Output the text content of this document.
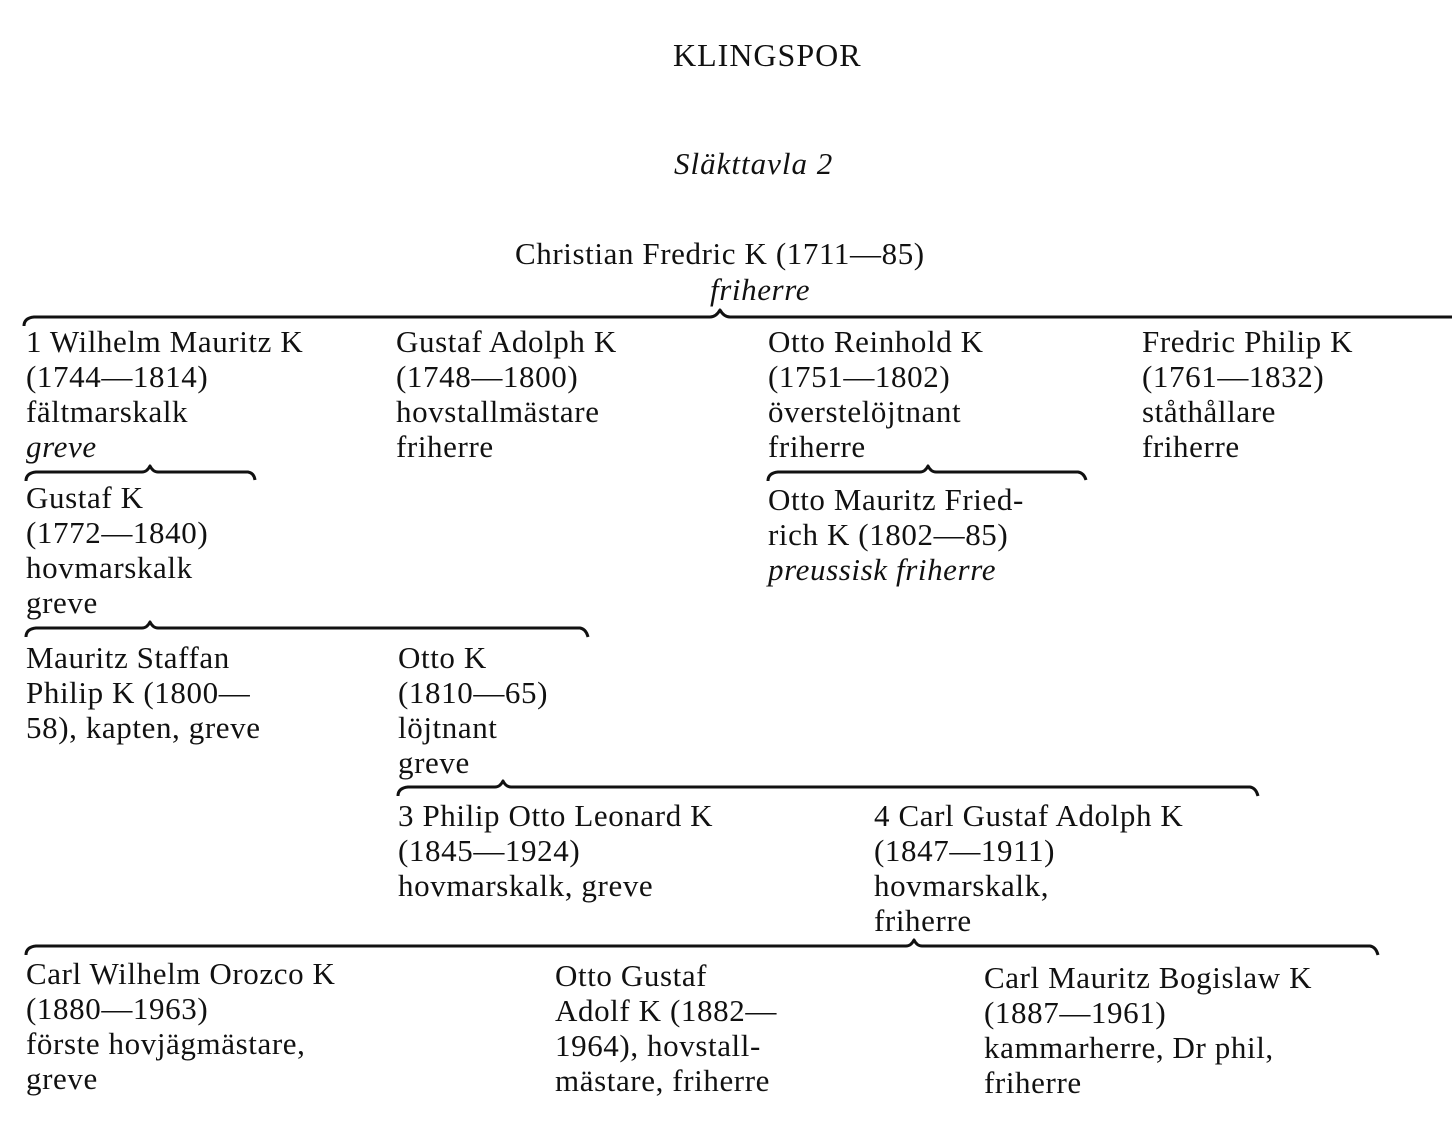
KLINGSPOR
Släkttavla 2
Christian Fredric K (1711—85)
friherre
1 Wilhelm Mauritz K
(1744—1814)
fältmarskalk
greve
Gustaf Adolph K
(1748—1800)
hovstallmästare
friherre
Otto Reinhold K
(1751—1802)
överstelöjtnant
friherre
Fredric Philip K
(1761—1832)
ståthållare
friherre
Gustaf K
(1772—1840)
hovmarskalk
greve
Otto Mauritz Fried-
rich K (1802—85)
preussisk friherre
Mauritz Staffan
Philip K (1800—
58), kapten, greve
Otto K
(1810—65)
löjtnant
greve
3 Philip Otto Leonard K
(1845—1924)
hovmarskalk, greve
4 Carl Gustaf Adolph K
(1847—1911)
hovmarskalk,
friherre
Carl Wilhelm Orozco K
(1880—1963)
förste hovjägmästare,
greve
Otto Gustaf
Adolf K (1882—
1964), hovstall-
mästare, friherre
Carl Mauritz Bogislaw K
(1887—1961)
kammarherre, Dr phil,
friherre
